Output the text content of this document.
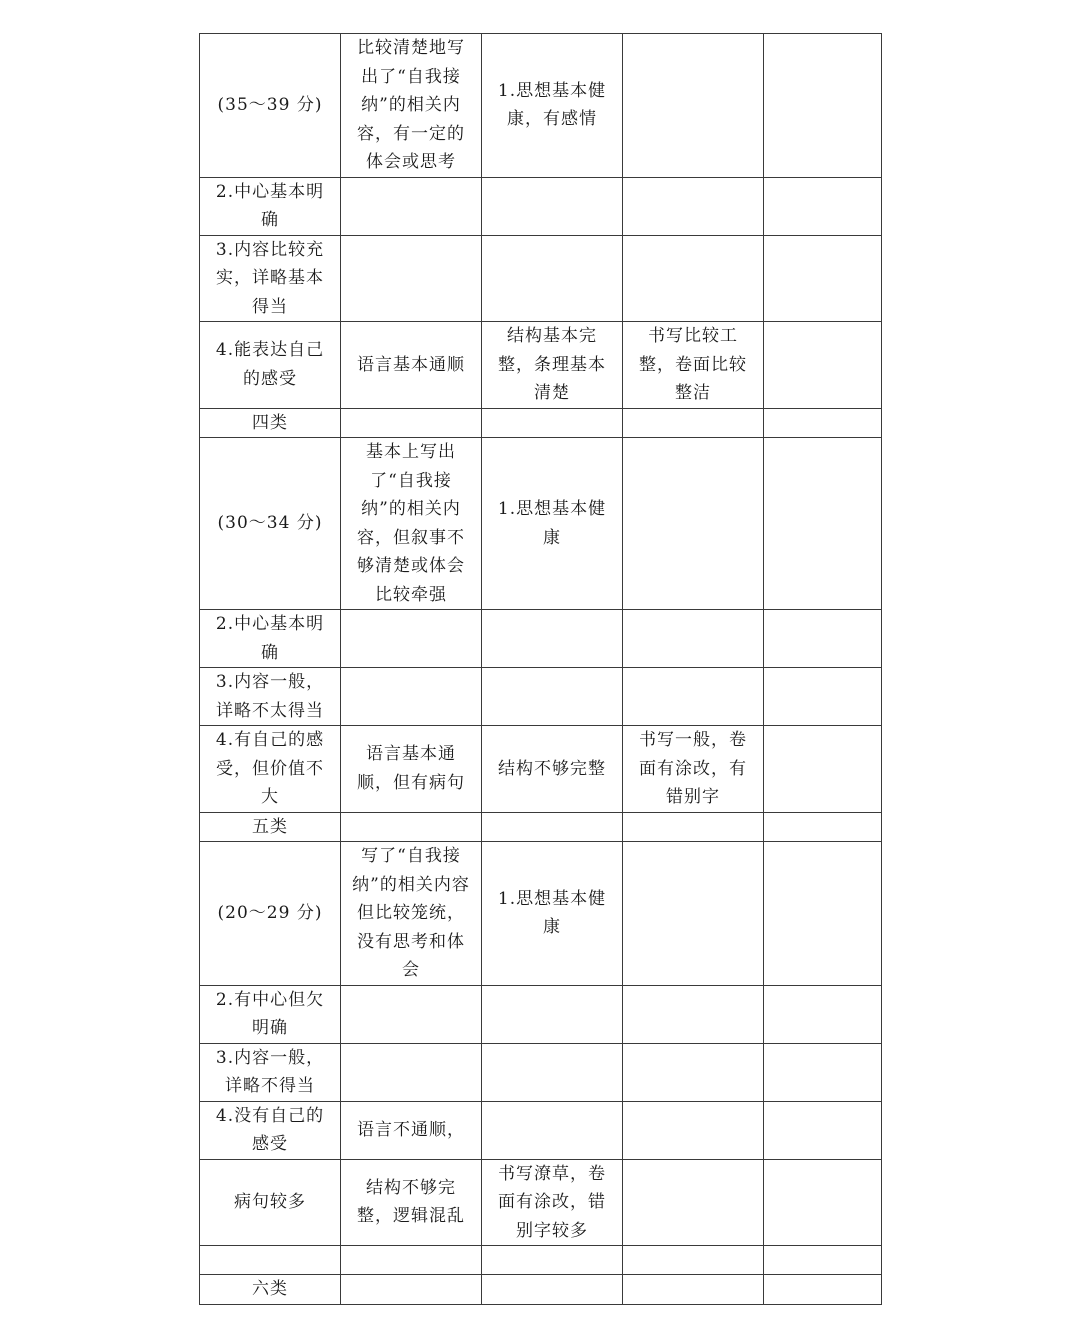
(35～39 分)	比较清楚地写出了“自我接纳”的相关内容，有一定的体会或思考	1.思想基本健康，有感情		

2.中心基本明确				

3.内容比较充实，详略基本得当				

4.能表达自己的感受	语言基本通顺	结构基本完整，条理基本清楚	书写比较工整，卷面比较整洁	

四类				

(30～34 分)	基本上写出了“自我接纳”的相关内容，但叙事不够清楚或体会比较牵强	1.思想基本健康		

2.中心基本明确				

3.内容一般，详略不太得当				

4.有自己的感受，但价值不大	语言基本通顺，但有病句	结构不够完整	书写一般，卷面有涂改，有错别字	

五类				

(20～29 分)	写了“自我接纳”的相关内容但比较笼统，没有思考和体会	1.思想基本健康		

2.有中心但欠明确				

3.内容一般，详略不得当				

4.没有自己的感受	语言不通顺，			

病句较多	结构不够完整，逻辑混乱	书写潦草，卷面有涂改，错别字较多		

六类				
